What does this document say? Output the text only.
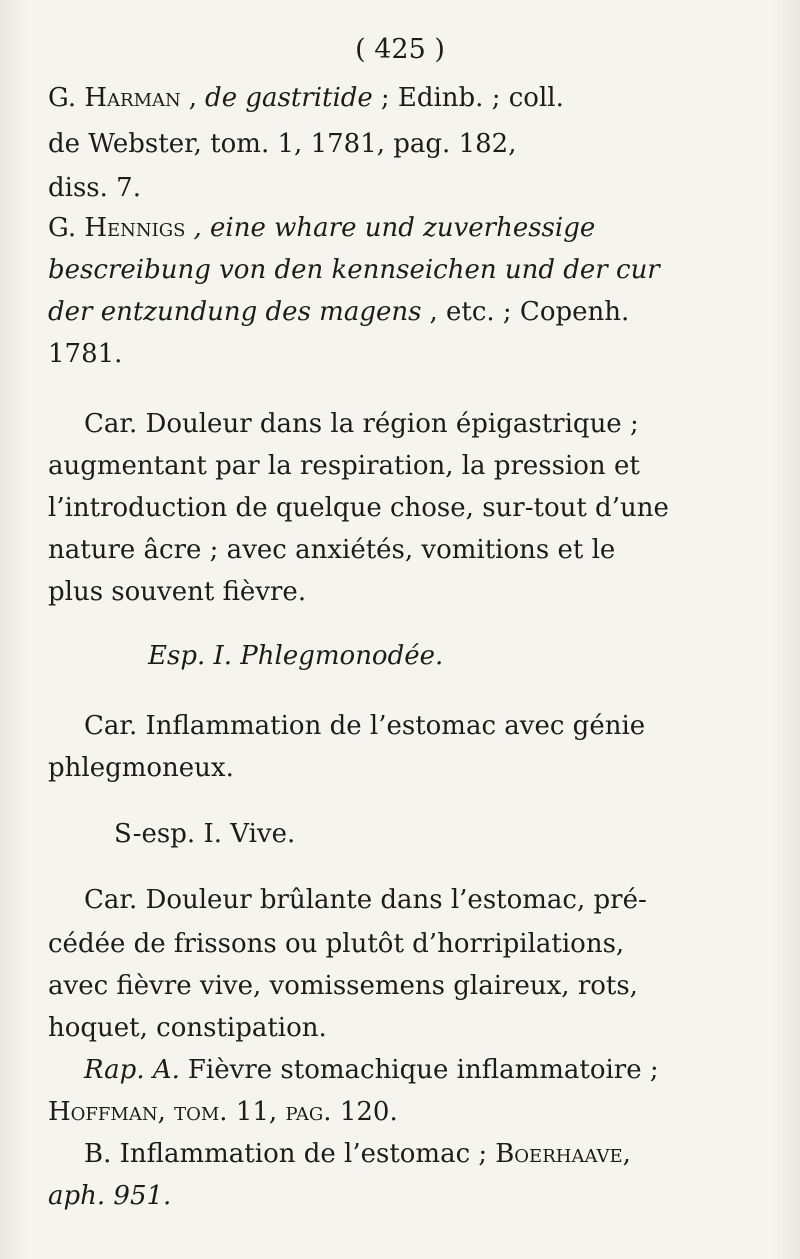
( 425 )
G. Harman , de gastritide ; Edinb. ; coll.
de Webster, tom. 1, 1781, pag. 182,
diss. 7.
G. Hennigs , eine whare und zuverhessige
bescreibung von den kennseichen und der cur
der entzundung des magens , etc. ; Copenh.
1781.
Car. Douleur dans la région épigastrique ;
augmentant par la respiration, la pression et
l’introduction de quelque chose, sur-tout d’une
nature âcre ; avec anxiétés, vomitions et le
plus souvent fièvre.
Esp. I. Phlegmonodée.
Car. Inflammation de l’estomac avec génie
phlegmoneux.
S-esp. I. Vive.
Car. Douleur brûlante dans l’estomac, pré-
cédée de frissons ou plutôt d’horripilations,
avec fièvre vive, vomissemens glaireux, rots,
hoquet, constipation.
Rap. A. Fièvre stomachique inflammatoire ;
Hoffman, tom. 11, pag. 120.
B. Inflammation de l’estomac ; Boerhaave,
aph. 951.
